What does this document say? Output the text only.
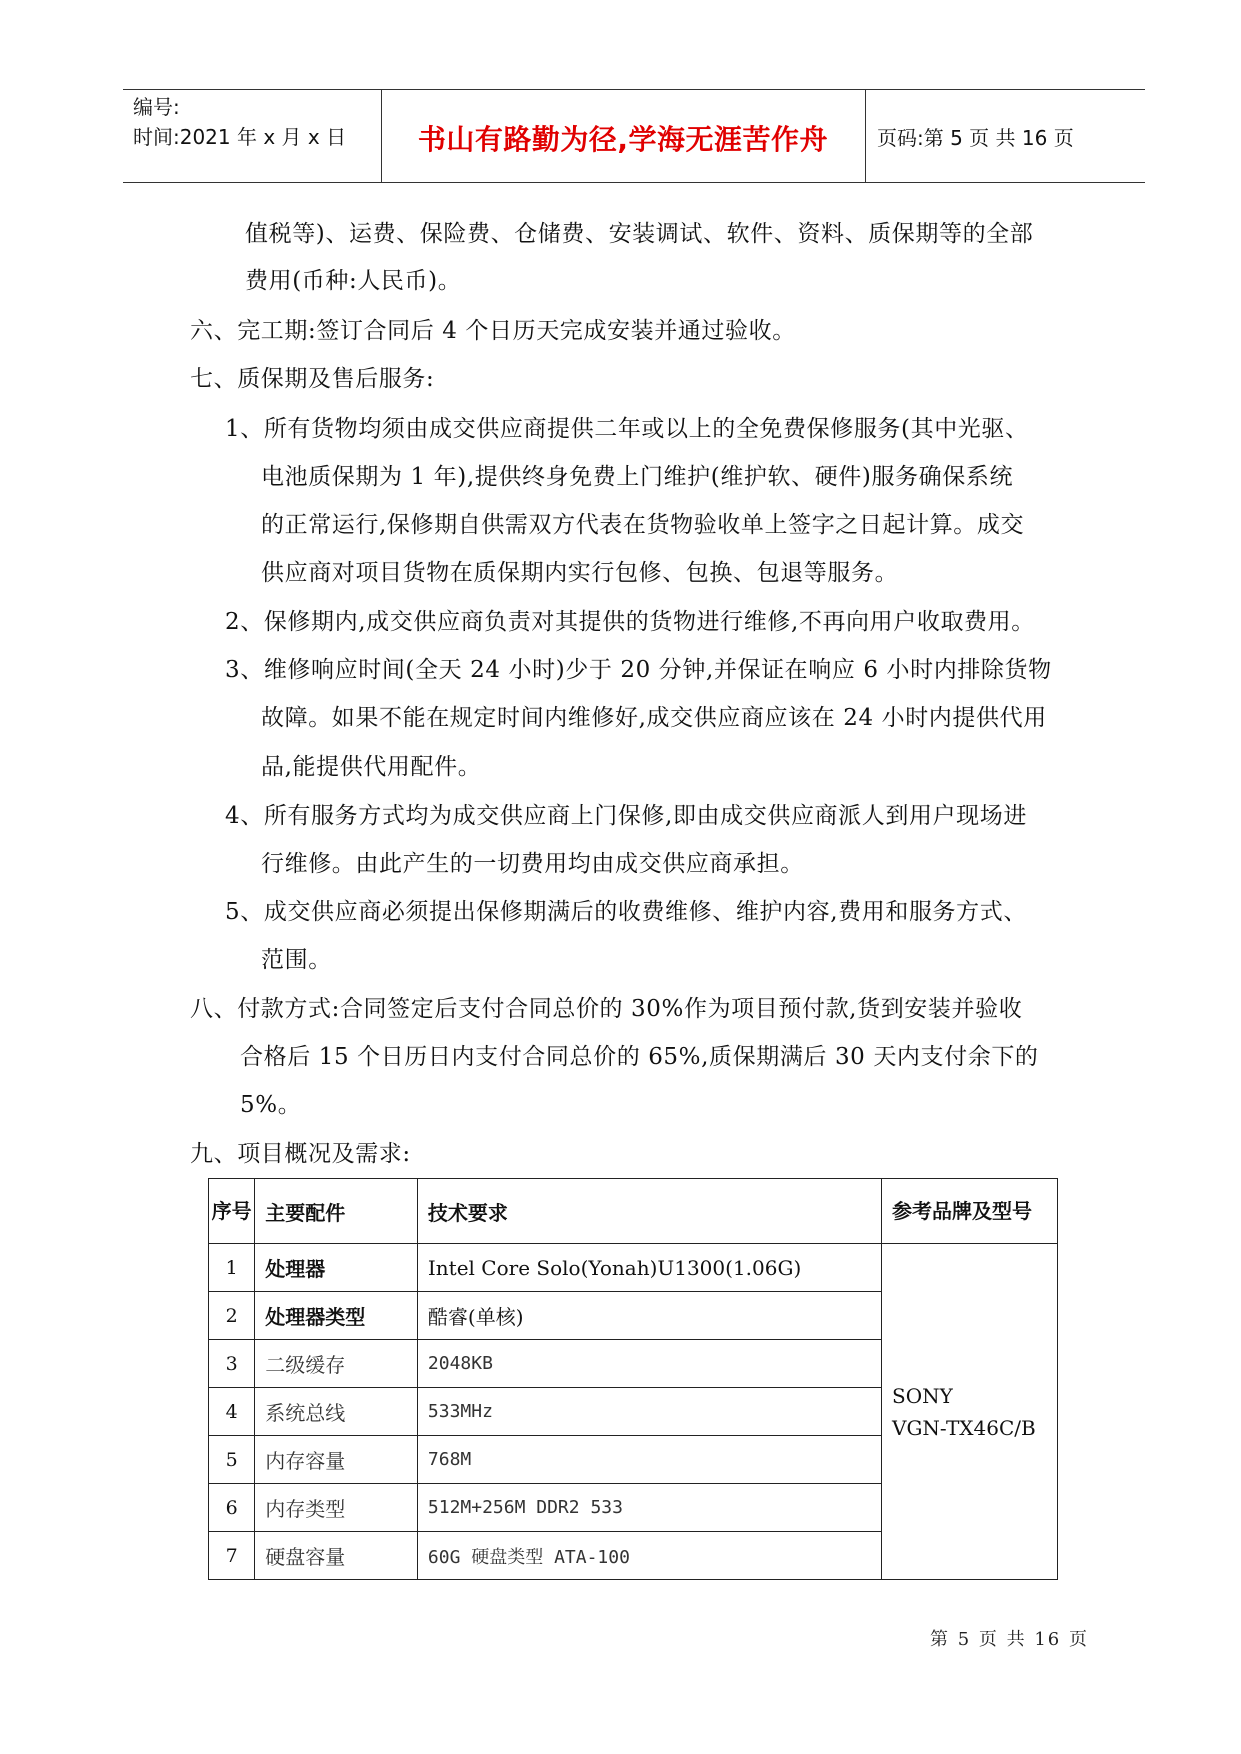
编号:
时间:2021 年 x 月 x 日	书山有路勤为径,学海无涯苦作舟	页码:第 5 页 共 16 页
值税等)、运费、保险费、仓储费、安装调试、软件、资料、质保期等的全部
费用(币种:人民币)。
六、完工期:签订合同后 4 个日历天完成安装并通过验收。
七、质保期及售后服务:
1、所有货物均须由成交供应商提供二年或以上的全免费保修服务(其中光驱、
电池质保期为 1 年),提供终身免费上门维护(维护软、硬件)服务确保系统
的正常运行,保修期自供需双方代表在货物验收单上签字之日起计算。成交
供应商对项目货物在质保期内实行包修、包换、包退等服务。
2、保修期内,成交供应商负责对其提供的货物进行维修,不再向用户收取费用。
3、维修响应时间(全天 24 小时)少于 20 分钟,并保证在响应 6 小时内排除货物
故障。如果不能在规定时间内维修好,成交供应商应该在 24 小时内提供代用
品,能提供代用配件。
4、所有服务方式均为成交供应商上门保修,即由成交供应商派人到用户现场进
行维修。由此产生的一切费用均由成交供应商承担。
5、成交供应商必须提出保修期满后的收费维修、维护内容,费用和服务方式、
范围。
八、付款方式:合同签定后支付合同总价的 30%作为项目预付款,货到安装并验收
合格后 15 个日历日内支付合同总价的 65%,质保期满后 30 天内支付余下的
5%。
九、项目概况及需求:
序号	主要配件	技术要求	参考品牌及型号
1	处理器	Intel Core Solo(Yonah)U1300(1.06G)	SONY
VGN-TX46C/B

2	处理器类型	酷睿(单核)	
3	二级缓存	2048KB	
4	系统总线	533MHz	
5	内存容量	768M	
6	内存类型	512M+256M DDR2 533	
7	硬盘容量	60G 硬盘类型 ATA-100	
第 5 页 共 16 页
